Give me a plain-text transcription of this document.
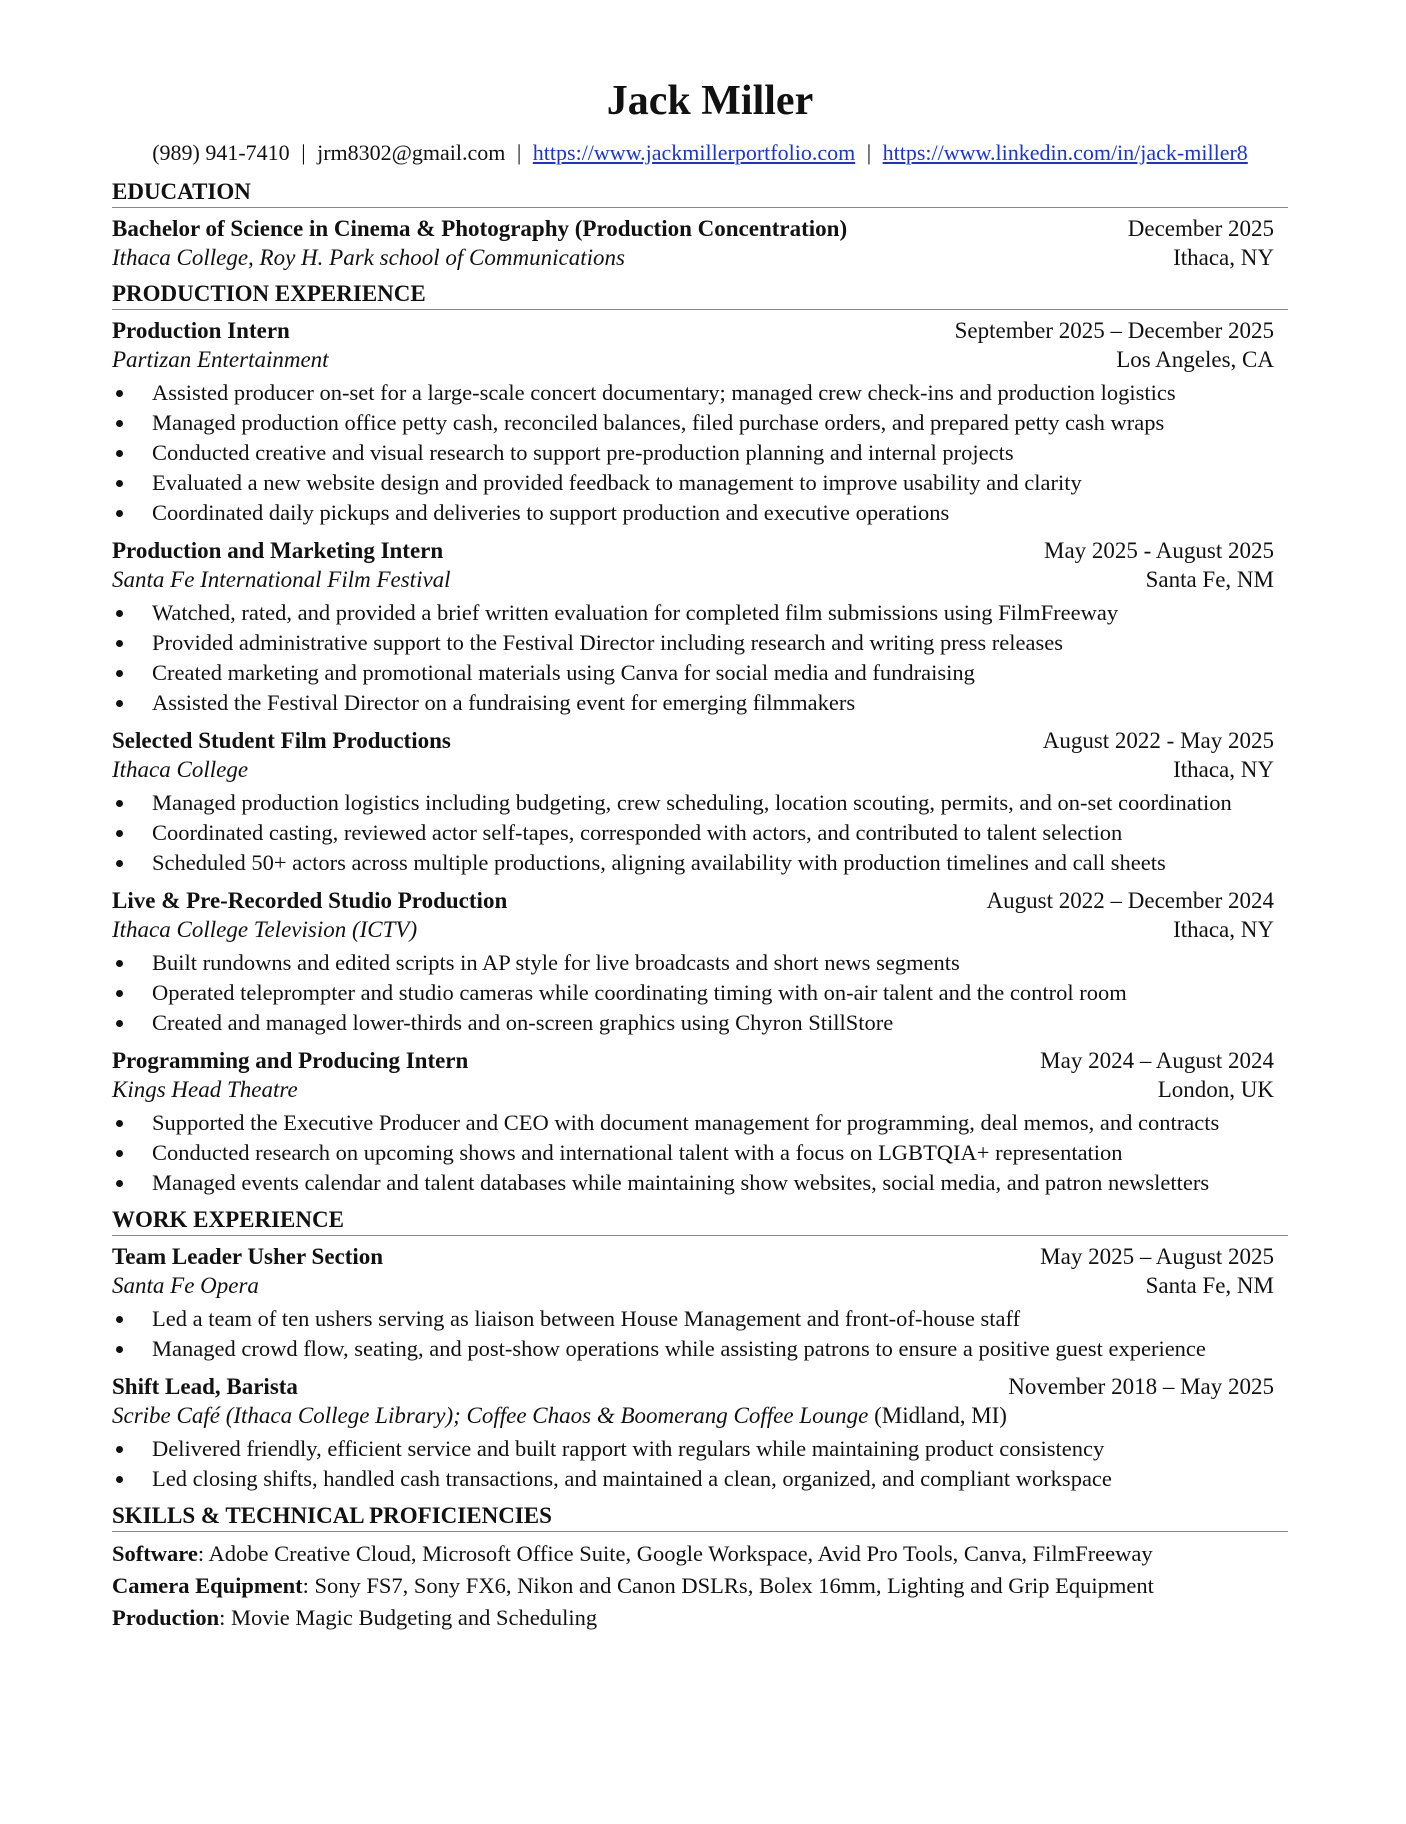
Jack Miller
(989) 941-7410 | jrm8302@gmail.com | https://www.jackmillerportfolio.com | https://www.linkedin.com/in/jack-miller8
EDUCATION
Bachelor of Science in Cinema & Photography (Production Concentration)	December 2025
Ithaca College, Roy H. Park school of Communications	Ithaca, NY
PRODUCTION EXPERIENCE
Production Intern	September 2025 – December 2025
Partizan Entertainment	Los Angeles, CA
Assisted producer on-set for a large-scale concert documentary; managed crew check-ins and production logistics
Managed production office petty cash, reconciled balances, filed purchase orders, and prepared petty cash wraps
Conducted creative and visual research to support pre-production planning and internal projects
Evaluated a new website design and provided feedback to management to improve usability and clarity
Coordinated daily pickups and deliveries to support production and executive operations
Production and Marketing Intern	May 2025 - August 2025
Santa Fe International Film Festival	Santa Fe, NM
Watched, rated, and provided a brief written evaluation for completed film submissions using FilmFreeway
Provided administrative support to the Festival Director including research and writing press releases
Created marketing and promotional materials using Canva for social media and fundraising
Assisted the Festival Director on a fundraising event for emerging filmmakers
Selected Student Film Productions	August 2022 - May 2025
Ithaca College	Ithaca, NY
Managed production logistics including budgeting, crew scheduling, location scouting, permits, and on-set coordination
Coordinated casting, reviewed actor self-tapes, corresponded with actors, and contributed to talent selection
Scheduled 50+ actors across multiple productions, aligning availability with production timelines and call sheets
Live & Pre-Recorded Studio Production	August 2022 – December 2024
Ithaca College Television (ICTV)	Ithaca, NY
Built rundowns and edited scripts in AP style for live broadcasts and short news segments
Operated teleprompter and studio cameras while coordinating timing with on-air talent and the control room
Created and managed lower-thirds and on-screen graphics using Chyron StillStore
Programming and Producing Intern	May 2024 – August 2024
Kings Head Theatre	London, UK
Supported the Executive Producer and CEO with document management for programming, deal memos, and contracts
Conducted research on upcoming shows and international talent with a focus on LGBTQIA+ representation
Managed events calendar and talent databases while maintaining show websites, social media, and patron newsletters
WORK EXPERIENCE
Team Leader Usher Section	May 2025 – August 2025
Santa Fe Opera	Santa Fe, NM
Led a team of ten ushers serving as liaison between House Management and front-of-house staff
Managed crowd flow, seating, and post-show operations while assisting patrons to ensure a positive guest experience
Shift Lead, Barista	November 2018 – May 2025
Scribe Café (Ithaca College Library); Coffee Chaos & Boomerang Coffee Lounge (Midland, MI)
Delivered friendly, efficient service and built rapport with regulars while maintaining product consistency
Led closing shifts, handled cash transactions, and maintained a clean, organized, and compliant workspace
SKILLS & TECHNICAL PROFICIENCIES
Software: Adobe Creative Cloud, Microsoft Office Suite, Google Workspace, Avid Pro Tools, Canva, FilmFreeway
Camera Equipment: Sony FS7, Sony FX6, Nikon and Canon DSLRs, Bolex 16mm, Lighting and Grip Equipment
Production: Movie Magic Budgeting and Scheduling
